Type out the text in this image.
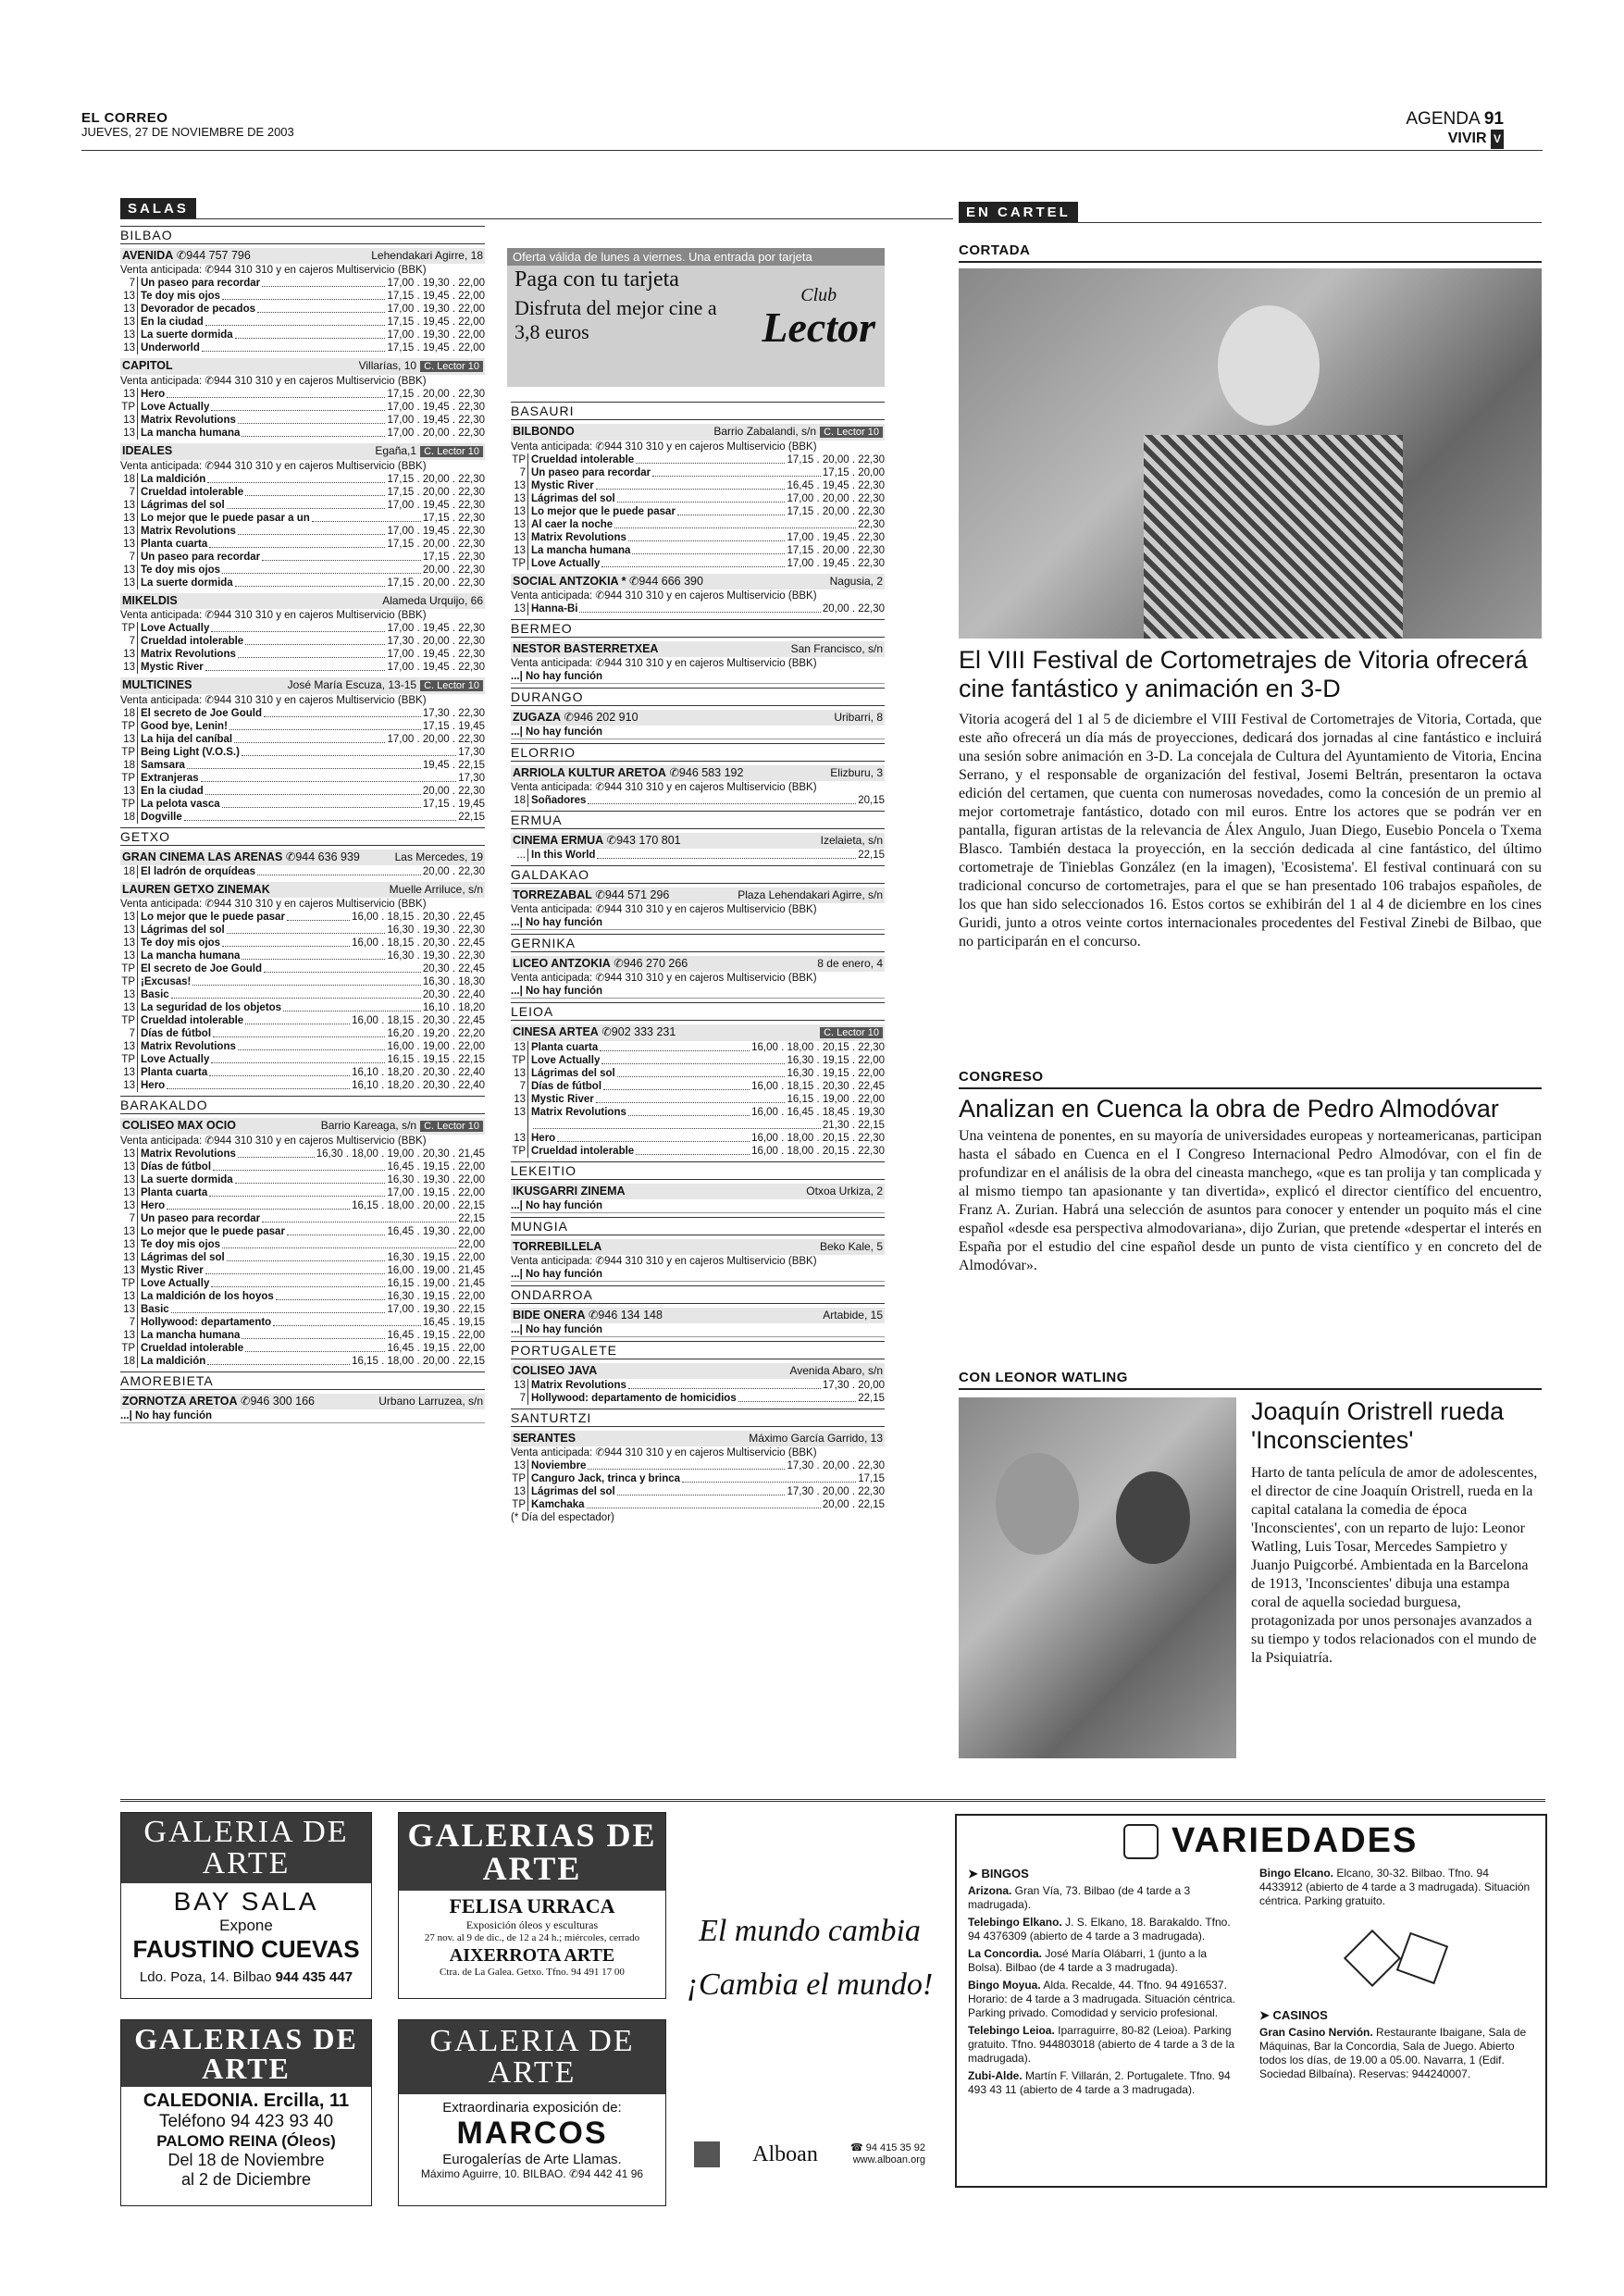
EL CORREO
JUEVES, 27 DE NOVIEMBRE DE 2003
AGENDA 91
VIVIR V
SALAS
BILBAO
AVENIDA ✆944 757 796	Lehendakari Agirre, 18
Venta anticipada: ✆944 310 310 y en cajeros Multiservicio (BBK)
7 Un paseo para recordar	17,00 . 19,30 . 22,00
13 Te doy mis ojos	17,15 . 19,45 . 22,00
13 Devorador de pecados	17,00 . 19,30 . 22,00
13 En la ciudad	17,15 . 19,45 . 22,00
13 La suerte dormida	17,00 . 19,30 . 22,00
13 Underworld	17,15 . 19,45 . 22,00
CAPITOL	Villarías, 10 C. Lector 10
Venta anticipada: ✆944 310 310 y en cajeros Multiservicio (BBK)
13 Hero	17,15 . 20,00 . 22,30
TP Love Actually	17,00 . 19,45 . 22,30
13 Matrix Revolutions	17,00 . 19,45 . 22,30
13 La mancha humana	17,00 . 20,00 . 22,30
IDEALES	Egaña,1 C. Lector 10
Venta anticipada: ✆944 310 310 y en cajeros Multiservicio (BBK)
18 La maldición	17,15 . 20,00 . 22,30
7 Crueldad intolerable	17,15 . 20,00 . 22,30
13 Lágrimas del sol	17,00 . 19,45 . 22,30
13 Lo mejor que le puede pasar a un	17,15 . 22,30
13 Matrix Revolutions	17,00 . 19,45 . 22,30
13 Planta cuarta	17,15 . 20,00 . 22,30
7 Un paseo para recordar	17,15 . 22,30
13 Te doy mis ojos	20,00 . 22,30
13 La suerte dormida	17,15 . 20,00 . 22,30
MIKELDIS	Alameda Urquijo, 66
Venta anticipada: ✆944 310 310 y en cajeros Multiservicio (BBK)
TP Love Actually	17,00 . 19,45 . 22,30
7 Crueldad intolerable	17,30 . 20,00 . 22,30
13 Matrix Revolutions	17,00 . 19,45 . 22,30
13 Mystic River	17,00 . 19,45 . 22,30
MULTICINES	José María Escuza, 13-15 C. Lector 10
Venta anticipada: ✆944 310 310 y en cajeros Multiservicio (BBK)
18 El secreto de Joe Gould	17,30 . 22,30
TP Good bye, Lenin!	17,15 . 19,45
13 La hija del caníbal	17,00 . 20,00 . 22,30
TP Being Light (V.O.S.)	17,30
18 Samsara	19,45 . 22,15
TP Extranjeras	17,30
13 En la ciudad	20,00 . 22,30
TP La pelota vasca	17,15 . 19,45
18 Dogville	22,15
GETXO
GRAN CINEMA LAS ARENAS ✆944 636 939	Las Mercedes, 19
18 El ladrón de orquídeas	20,00 . 22,30
LAUREN GETXO ZINEMAK	Muelle Arriluce, s/n
Venta anticipada: ✆944 310 310 y en cajeros Multiservicio (BBK)
13 Lo mejor que le puede pasar	16,00 . 18,15 . 20,30 . 22,45
13 Lágrimas del sol	16,30 . 19,30 . 22,30
13 Te doy mis ojos	16,00 . 18,15 . 20,30 . 22,45
13 La mancha humana	16,30 . 19,30 . 22,30
TP El secreto de Joe Gould	20,30 . 22,45
TP ¡Excusas!	16,30 . 18,30
13 Basic	20,30 . 22,40
13 La seguridad de los objetos	16,10 . 18,20
TP Crueldad intolerable	16,00 . 18,15 . 20,30 . 22,45
7 Días de fútbol	16,20 . 19,20 . 22,20
13 Matrix Revolutions	16,00 . 19,00 . 22,00
TP Love Actually	16,15 . 19,15 . 22,15
13 Planta cuarta	16,10 . 18,20 . 20,30 . 22,40
13 Hero	16,10 . 18,20 . 20,30 . 22,40
BARAKALDO
COLISEO MAX OCIO	Barrio Kareaga, s/n C. Lector 10
Venta anticipada: ✆944 310 310 y en cajeros Multiservicio (BBK)
13 Matrix Revolutions	16,30 . 18,00 . 19,00 . 20,30 . 21,45
13 Días de fútbol	16,45 . 19,15 . 22,00
13 La suerte dormida	16,30 . 19,30 . 22,00
13 Planta cuarta	17,00 . 19,15 . 22,00
13 Hero	16,15 . 18,00 . 20,00 . 22,15
7 Un paseo para recordar	22,15
13 Lo mejor que le puede pasar	16,45 . 19,30 . 22,00
13 Te doy mis ojos	22,00
13 Lágrimas del sol	16,30 . 19,15 . 22,00
13 Mystic River	16,00 . 19,00 . 21,45
TP Love Actually	16,15 . 19,00 . 21,45
13 La maldición de los hoyos	16,30 . 19,15 . 22,00
13 Basic	17,00 . 19,30 . 22,15
7 Hollywood: departamento	16,45 . 19,15
13 La mancha humana	16,45 . 19,15 . 22,00
TP Crueldad intolerable	16,45 . 19,15 . 22,00
18 La maldición	16,15 . 18,00 . 20,00 . 22,15
AMOREBIETA
ZORNOTZA ARETOA ✆946 300 166	Urbano Larruzea, s/n
...| No hay función
BASAURI
BILBONDO	Barrio Zabalandi, s/n C. Lector 10
Venta anticipada: ✆944 310 310 y en cajeros Multiservicio (BBK)
TP Crueldad intolerable	17,15 . 20,00 . 22,30
7 Un paseo para recordar	17,15 . 20,00
13 Mystic River	16,45 . 19,45 . 22,30
13 Lágrimas del sol	17,00 . 20,00 . 22,30
13 Lo mejor que le puede pasar	17,15 . 20,00 . 22,30
13 Al caer la noche	22,30
13 Matrix Revolutions	17,00 . 19,45 . 22,30
13 La mancha humana	17,15 . 20,00 . 22,30
TP Love Actually	17,00 . 19,45 . 22,30
SOCIAL ANTZOKIA * ✆944 666 390	Nagusia, 2
Venta anticipada: ✆944 310 310 y en cajeros Multiservicio (BBK)
13 Hanna-Bi	20,00 . 22,30
BERMEO
NESTOR BASTERRETXEA	San Francisco, s/n
Venta anticipada: ✆944 310 310 y en cajeros Multiservicio (BBK)
...| No hay función
DURANGO
ZUGAZA ✆946 202 910	Uribarri, 8
...| No hay función
ELORRIO
ARRIOLA KULTUR ARETOA ✆946 583 192	Elizburu, 3
Venta anticipada: ✆944 310 310 y en cajeros Multiservicio (BBK)
18 Soñadores	20,15
ERMUA
CINEMA ERMUA ✆943 170 801	Izelaieta, s/n
... In this World	22,15
GALDAKAO
TORREZABAL ✆944 571 296	Plaza Lehendakari Agirre, s/n
Venta anticipada: ✆944 310 310 y en cajeros Multiservicio (BBK)
...| No hay función
GERNIKA
LICEO ANTZOKIA ✆946 270 266	8 de enero, 4
Venta anticipada: ✆944 310 310 y en cajeros Multiservicio (BBK)
...| No hay función
LEIOA
CINESA ARTEA ✆902 333 231	C. Lector 10
13 Planta cuarta	16,00 . 18,00 . 20,15 . 22,30
TP Love Actually	16,30 . 19,15 . 22,00
13 Lágrimas del sol	16,30 . 19,15 . 22,00
7 Días de fútbol	16,00 . 18,15 . 20,30 . 22,45
13 Mystic River	16,15 . 19,00 . 22,00
13 Matrix Revolutions	16,00 . 16,45 . 18,45 . 19,30
21,30 . 22,15
13 Hero	16,00 . 18,00 . 20,15 . 22,30
TP Crueldad intolerable	16,00 . 18,00 . 20,15 . 22,30
LEKEITIO
IKUSGARRI ZINEMA	Otxoa Urkiza, 2
...| No hay función
MUNGIA
TORREBILLELA	Beko Kale, 5
Venta anticipada: ✆944 310 310 y en cajeros Multiservicio (BBK)
...| No hay función
ONDARROA
BIDE ONERA ✆946 134 148	Artabide, 15
...| No hay función
PORTUGALETE
COLISEO JAVA	Avenida Abaro, s/n
13 Matrix Revolutions	17,30 . 20,00
7 Hollywood: departamento de homicidios	22,15
SANTURTZI
SERANTES	Máximo García Garrido, 13
Venta anticipada: ✆944 310 310 y en cajeros Multiservicio (BBK)
13 Noviembre	17,30 . 20,00 . 22,30
TP Canguro Jack, trinca y brinca	17,15
13 Lágrimas del sol	17,30 . 20,00 . 22,30
TP Kamchaka	20,00 . 22,15
(* Día del espectador)
Oferta válida de lunes a viernes. Una entrada por tarjeta
Paga con tu tarjeta
Disfruta del mejor cine a 3,8 euros
Club
Lector
EN CARTEL
CORTADA
El VIII Festival de Cortometrajes de Vitoria ofrecerá cine fantástico y animación en 3-D
Vitoria acogerá del 1 al 5 de diciembre el VIII Festival de Cortometrajes de Vitoria, Cortada, que este año ofrecerá un día más de proyecciones, dedicará dos jornadas al cine fantástico e incluirá una sesión sobre animación en 3-D. La concejala de Cultura del Ayuntamiento de Vitoria, Encina Serrano, y el responsable de organización del festival, Josemi Beltrán, presentaron la octava edición del certamen, que cuenta con numerosas novedades, como la concesión de un premio al mejor cortometraje fantástico, dotado con mil euros. Entre los actores que se podrán ver en pantalla, figuran artistas de la relevancia de Álex Angulo, Juan Diego, Eusebio Poncela o Txema Blasco. También destaca la proyección, en la sección dedicada al cine fantástico, del último cortometraje de Tinieblas González (en la imagen), 'Ecosistema'. El festival continuará con su tradicional concurso de cortometrajes, para el que se han presentado 106 trabajos españoles, de los que han sido seleccionados 16. Estos cortos se exhibirán del 1 al 4 de diciembre en los cines Guridi, junto a otros veinte cortos internacionales procedentes del Festival Zinebi de Bilbao, que no participarán en el concurso.
CONGRESO
Analizan en Cuenca la obra de Pedro Almodóvar
Una veintena de ponentes, en su mayoría de universidades europeas y norteamericanas, participan hasta el sábado en Cuenca en el I Congreso Internacional Pedro Almodóvar, con el fin de profundizar en el análisis de la obra del cineasta manchego, «que es tan prolija y tan complicada y al mismo tiempo tan apasionante y tan divertida», explicó el director científico del encuentro, Franz A. Zurian. Habrá una selección de asuntos para conocer y entender un poquito más el cine español «desde esa perspectiva almodovariana», dijo Zurian, que pretende «despertar el interés en España por el estudio del cine español desde un punto de vista científico y en concreto del de Almodóvar».
CON LEONOR WATLING
Joaquín Oristrell rueda 'Inconscientes'
Harto de tanta película de amor de adolescentes, el director de cine Joaquín Oristrell, rueda en la capital catalana la comedia de época 'Inconscientes', con un reparto de lujo: Leonor Watling, Luis Tosar, Mercedes Sampietro y Juanjo Puigcorbé. Ambientada en la Barcelona de 1913, 'Inconscientes' dibuja una estampa coral de aquella sociedad burguesa, protagonizada por unos personajes avanzados a su tiempo y todos relacionados con el mundo de la Psiquiatría.
GALERIA DE ARTE
BAY SALA
Expone
FAUSTINO CUEVAS
Ldo. Poza, 14. Bilbao 944 435 447
GALERIAS DE ARTE
FELISA URRACA
Exposición óleos y esculturas
27 nov. al 9 de dic., de 12 a 24 h.; miércoles, cerrado
AIXERROTA ARTE
Ctra. de La Galea. Getxo. Tfno. 94 491 17 00
GALERIAS DE ARTE
CALEDONIA. Ercilla, 11
Teléfono 94 423 93 40
PALOMO REINA (Óleos)
Del 18 de Noviembre
al 2 de Diciembre
GALERIA DE ARTE
Extraordinaria exposición de:
MARCOS
Eurogalerías de Arte Llamas.
Máximo Aguirre, 10. BILBAO. ✆94 442 41 96
El mundo cambia
¡Cambia el mundo!
Alboan	☎ 94 415 35 92
www.alboan.org
VARIEDADES
➤ BINGOS
Arizona. Gran Vía, 73. Bilbao (de 4 tarde a 3 madrugada).
Telebingo Elkano. J. S. Elkano, 18. Barakaldo. Tfno. 94 4376309 (abierto de 4 tarde a 3 madrugada).
La Concordia. José María Olábarri, 1 (junto a la Bolsa). Bilbao (de 4 tarde a 3 madrugada).
Bingo Moyua. Alda. Recalde, 44. Tfno. 94 4916537. Horario: de 4 tarde a 3 madrugada. Situación céntrica. Parking privado. Comodidad y servicio profesional.
Telebingo Leioa. Iparraguirre, 80-82 (Leioa). Parking gratuito. Tfno. 944803018 (abierto de 4 tarde a 3 de la madrugada).
Zubi-Alde. Martín F. Villarán, 2. Portugalete. Tfno. 94 493 43 11 (abierto de 4 tarde a 3 madrugada).
Bingo Elcano. Elcano, 30-32. Bilbao. Tfno. 94 4433912 (abierto de 4 tarde a 3 madrugada). Situación céntrica. Parking gratuito.
➤ CASINOS
Gran Casino Nervión. Restaurante Ibaigane, Sala de Máquinas, Bar la Concordia, Sala de Juego. Abierto todos los días, de 19.00 a 05.00. Navarra, 1 (Edif. Sociedad Bilbaína). Reservas: 944240007.
